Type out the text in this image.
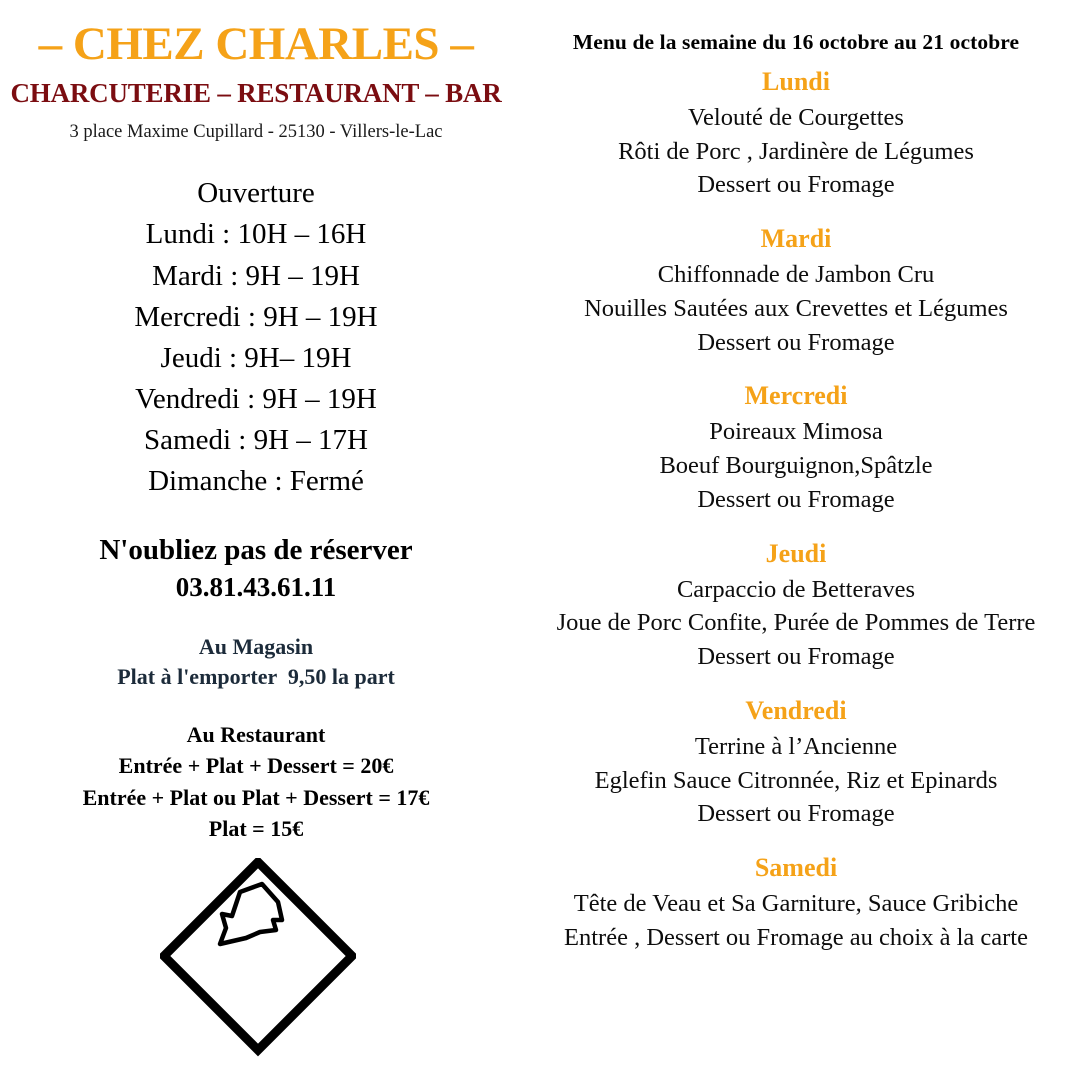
– CHEZ CHARLES –
CHARCUTERIE – RESTAURANT – BAR
3 place Maxime Cupillard - 25130 - Villers-le-Lac
Ouverture
Lundi : 10H – 16H
Mardi : 9H – 19H
Mercredi : 9H – 19H
Jeudi : 9H– 19H
Vendredi : 9H – 19H
Samedi : 9H – 17H
Dimanche : Fermé
N'oubliez pas de réserver
03.81.43.61.11
Au Magasin
Plat à l'emporter  9,50 la part
Au Restaurant
Entrée + Plat + Dessert = 20€
Entrée + Plat ou Plat + Dessert = 17€
Plat = 15€
Menu de la semaine du 16 octobre au 21 octobre
Lundi
Velouté de Courgettes
Rôti de Porc , Jardinère de Légumes
Dessert ou Fromage
Mardi
Chiffonnade de Jambon Cru
Nouilles Sautées aux Crevettes et Légumes
Dessert ou Fromage
Mercredi
Poireaux Mimosa
Boeuf Bourguignon,Spâtzle
Dessert ou Fromage
Jeudi
Carpaccio de Betteraves
Joue de Porc Confite, Purée de Pommes de Terre
Dessert ou Fromage
Vendredi
Terrine à l’Ancienne
Eglefin Sauce Citronnée, Riz et Epinards
Dessert ou Fromage
Samedi
Tête de Veau et Sa Garniture, Sauce Gribiche
Entrée , Dessert ou Fromage au choix à la carte
